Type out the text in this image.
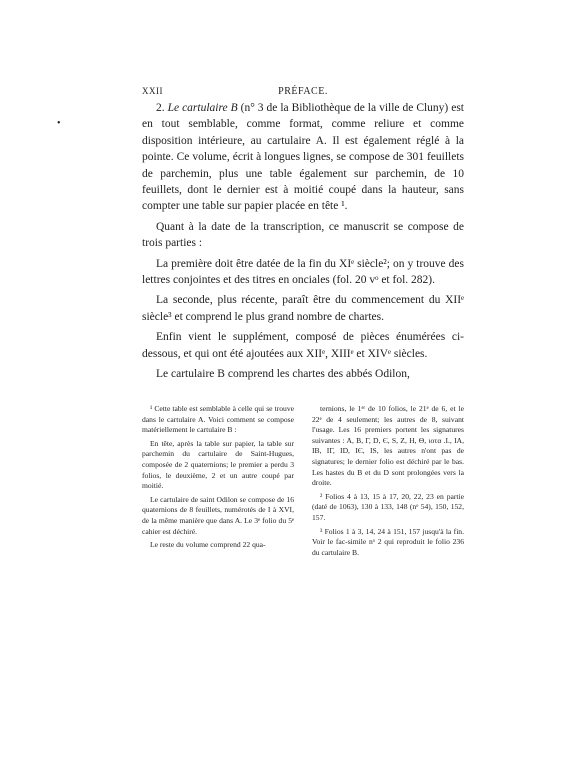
XXII	PRÉFACE.
•

2. Le cartulaire B (n° 3 de la Bibliothèque de la ville de Cluny) est en tout semblable, comme format, comme reliure et comme disposition intérieure, au cartulaire A. Il est également réglé à la pointe. Ce volume, écrit à longues lignes, se compose de 301 feuillets de parchemin, plus une table également sur parchemin, de 10 feuillets, dont le dernier est à moitié coupé dans la hauteur, sans compter une table sur papier placée en tête ¹.

Quant à la date de la transcription, ce manuscrit se compose de trois parties :

La première doit être datée de la fin du XIᵉ siècle²; on y trouve des lettres conjointes et des titres en onciales (fol. 20 vᵒ et fol. 282).

La seconde, plus récente, paraît être du commencement du XIIᵉ siècle³ et comprend le plus grand nombre de chartes.

Enfin vient le supplément, composé de pièces énumérées ci-dessous, et qui ont été ajoutées aux XIIᵉ, XIIIᵉ et XIVᵉ siècles.

Le cartulaire B comprend les chartes des abbés Odilon,

¹ Cette table est semblable à celle qui se trouve dans le cartulaire A. Voici comment se compose matériellement le cartulaire B :

En tête, après la table sur papier, la table sur parchemin du cartulaire de Saint-Hugues, composée de 2 quaternions; le premier a perdu 3 folios, le deuxième, 2 et un autre coupé par moitié.

Le cartulaire de saint Odilon se compose de 16 quaternions de 8 feuillets, numérotés de I à XVI, de la même manière que dans A. Le 3ᵉ folio du 5ᵉ cahier est déchiré.

Le reste du volume comprend 22 qua-

ternions, le 1ᵉʳ de 10 folios, le 21ᵉ de 6, et le 22ᵉ de 4 seulement; les autres de 8, suivant l'usage. Les 16 premiers portent les signatures suivantes : A, B, Γ, D, Є, S, Z, H, Θ, ιοτα .I., IA, IB, IΓ, ID, IЄ, IS, les autres n'ont pas de signatures; le dernier folio est déchiré par le bas. Les hastes du B et du D sont prolongées vers la droite.

² Folios 4 à 13, 15 à 17, 20, 22, 23 en partie (daté de 1063), 130 à 133, 148 (nᵒ 54), 150, 152, 157.

³ Folios 1 à 3, 14, 24 à 151, 157 jusqu'à la fin. Voir le fac-simile nᵒ 2 qui reproduit le folio 236 du cartulaire B.
